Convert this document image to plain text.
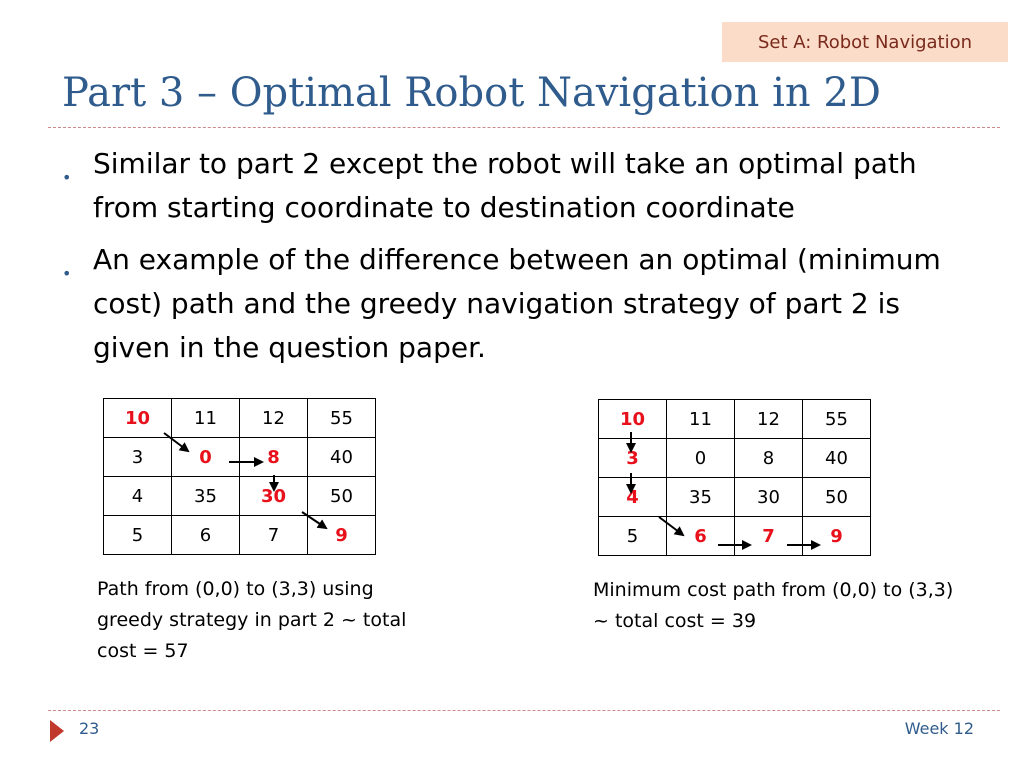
Set A: Robot Navigation
Part 3 – Optimal Robot Navigation in 2D
• Similar to part 2 except the robot will take an optimal path from starting coordinate to destination coordinate
• An example of the difference between an optimal (minimum cost) path and the greedy navigation strategy of part 2 is given in the question paper.
10	11	12	55
3	0	8	40
4	35	30	50
5	6	7	9
10	11	12	55
3	0	8	40
4	35	30	50
5	6	7	9

Path from (0,0) to (3,3) using greedy strategy in part 2 ~ total cost = 57

Minimum cost path from (0,0) to (3,3) ~ total cost = 39

23	Week 12
